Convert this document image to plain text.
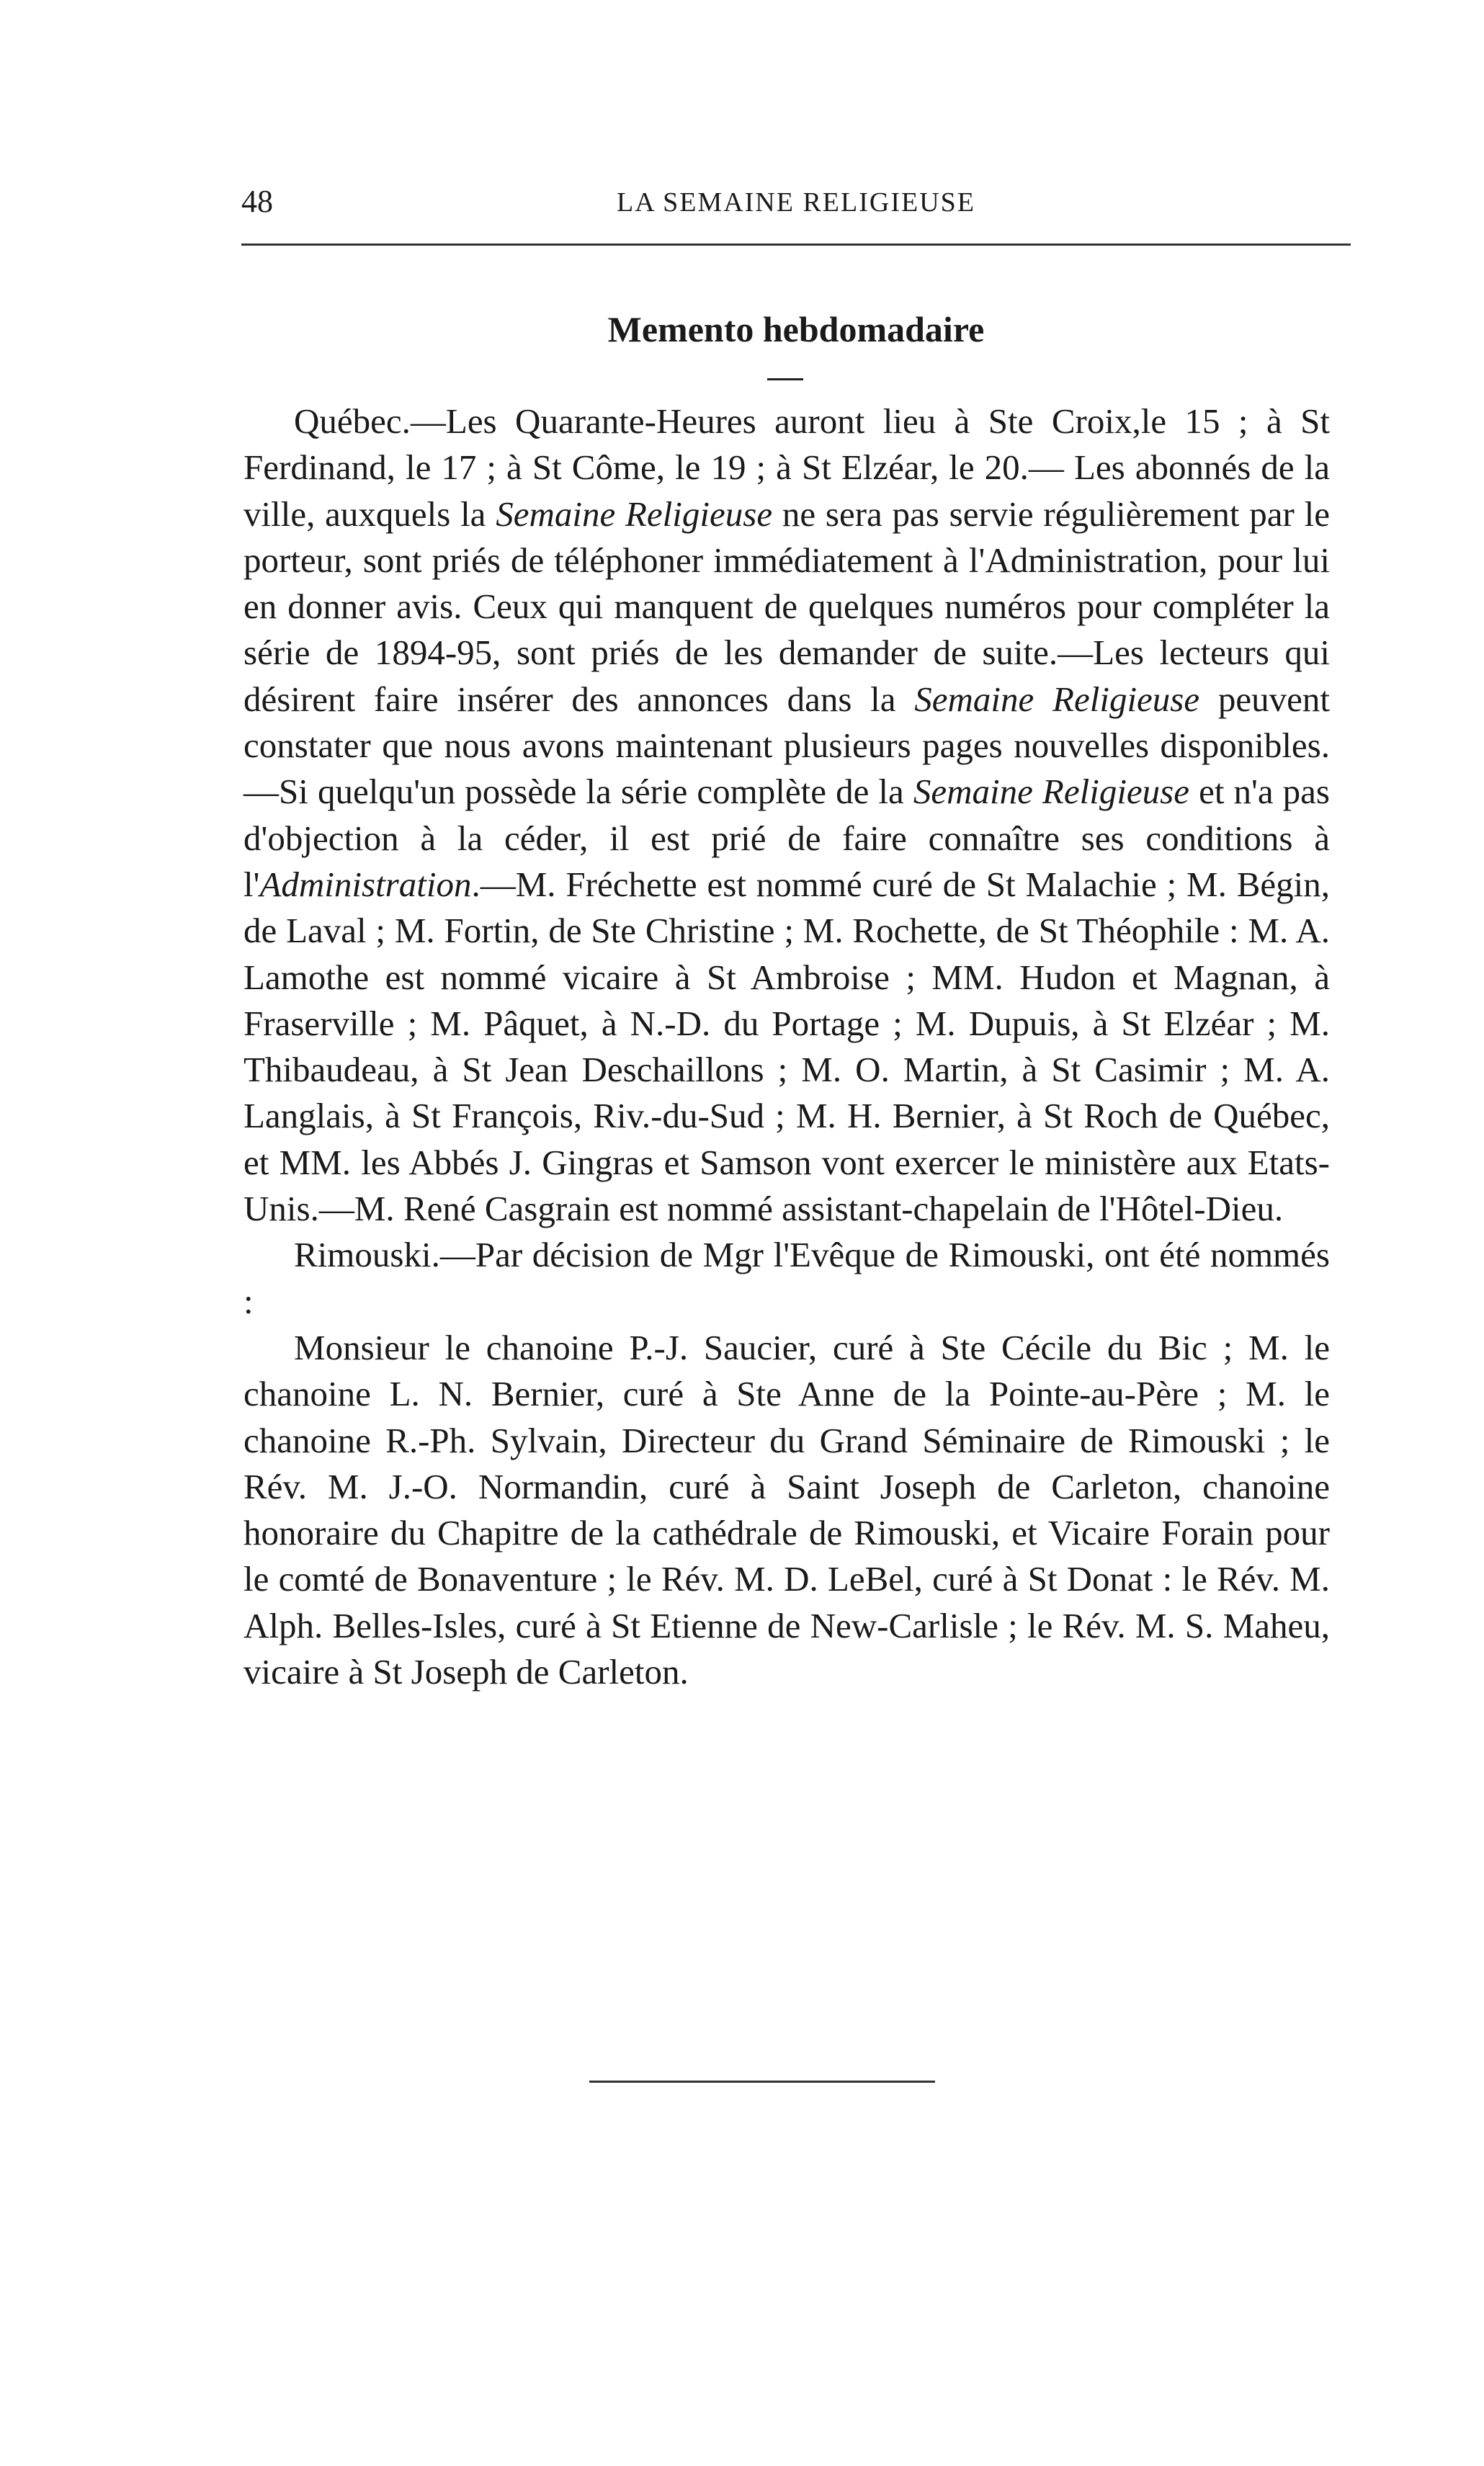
48	LA SEMAINE RELIGIEUSE
Memento hebdomadaire

Québec.—Les Quarante-Heures auront lieu à Ste Croix,le 15 ; à St Ferdinand, le 17 ; à St Côme, le 19 ; à St Elzéar, le 20.— Les abonnés de la ville, auxquels la Semaine Religieuse ne sera pas servie régulièrement par le porteur, sont priés de téléphoner immédiatement à l'Administration, pour lui en donner avis. Ceux qui manquent de quelques numéros pour compléter la série de 1894-95, sont priés de les demander de suite.—Les lecteurs qui désirent faire insérer des annonces dans la Semaine Religieuse peuvent constater que nous avons maintenant plusieurs pages nouvelles disponibles.—Si quelqu'un possède la série complète de la Semaine Religieuse et n'a pas d'objection à la céder, il est prié de faire connaître ses conditions à l'Administration.—M. Fréchette est nommé curé de St Malachie ; M. Bégin, de Laval ; M. Fortin, de Ste Christine ; M. Rochette, de St Théophile : M. A. Lamothe est nommé vicaire à St Ambroise ; MM. Hudon et Magnan, à Fraserville ; M. Pâquet, à N.-D. du Portage ; M. Dupuis, à St Elzéar ; M. Thibaudeau, à St Jean Deschaillons ; M. O. Martin, à St Casimir ; M. A. Langlais, à St François, Riv.-du-Sud ; M. H. Bernier, à St Roch de Québec, et MM. les Abbés J. Gingras et Samson vont exercer le ministère aux Etats-Unis.—M. René Casgrain est nommé assistant-chapelain de l'Hôtel-Dieu.

Rimouski.—Par décision de Mgr l'Evêque de Rimouski, ont été nommés :

Monsieur le chanoine P.-J. Saucier, curé à Ste Cécile du Bic ; M. le chanoine L. N. Bernier, curé à Ste Anne de la Pointe-au-Père ; M. le chanoine R.-Ph. Sylvain, Directeur du Grand Séminaire de Rimouski ; le Rév. M. J.-O. Normandin, curé à Saint Joseph de Carleton, chanoine honoraire du Chapitre de la cathédrale de Rimouski, et Vicaire Forain pour le comté de Bonaventure ; le Rév. M. D. LeBel, curé à St Donat : le Rév. M. Alph. Belles-Isles, curé à St Etienne de New-Carlisle ; le Rév. M. S. Maheu, vicaire à St Joseph de Carleton.
